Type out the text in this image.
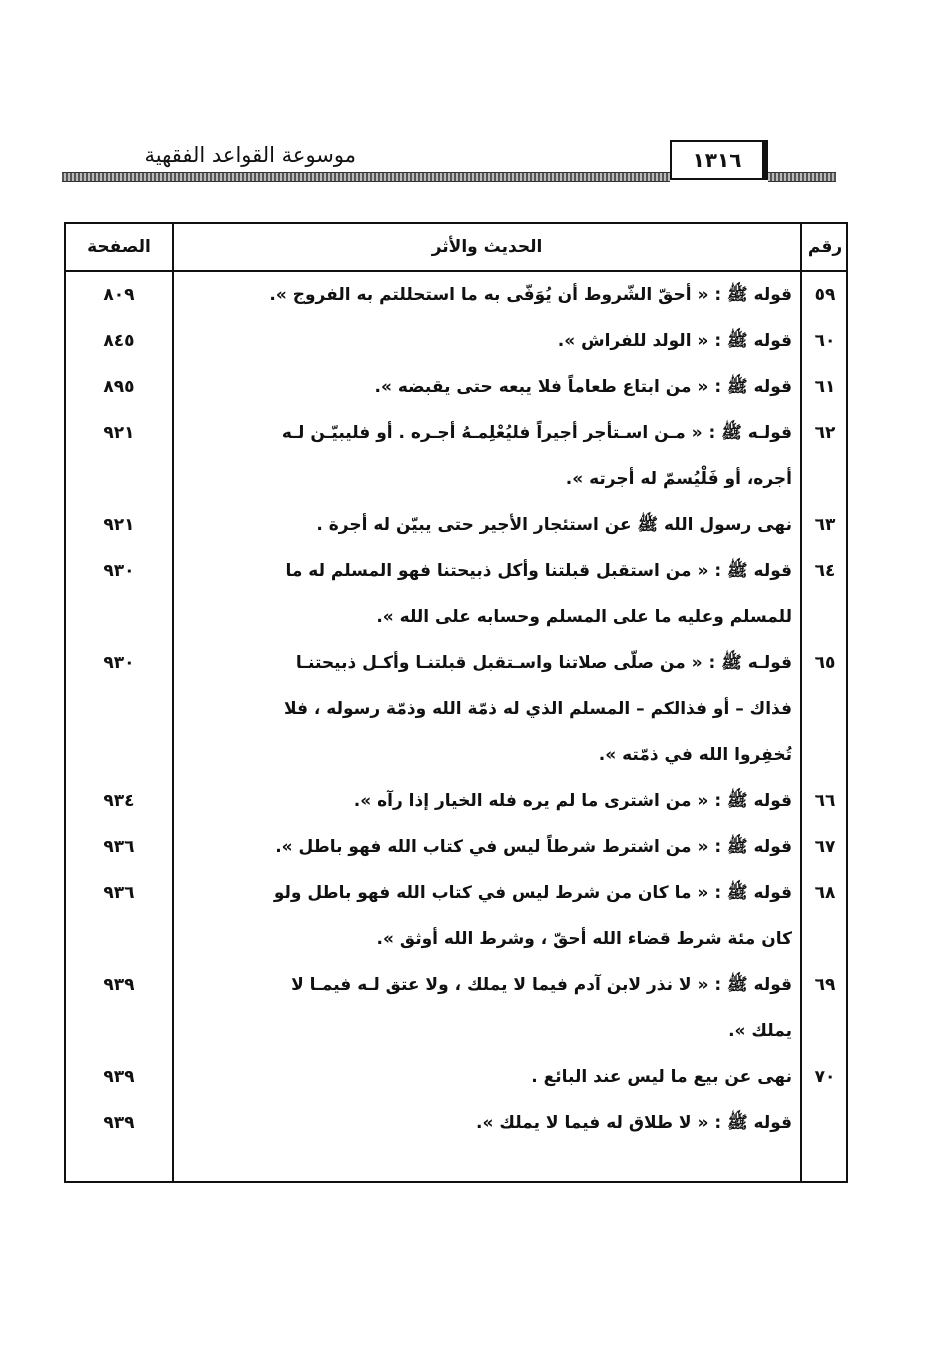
١٣١٦
موسوعة القواعد الفقهية
رقم
الحديث والأثر
الصفحة
٥٩
قوله ﷺ : « أحقّ الشّروط أن يُوَفّى به ما استحللتم به الفروج ».
٨٠٩
٦٠
قوله ﷺ : « الولد للفراش ».
٨٤٥
٦١
قوله ﷺ : « من ابتاع طعاماً فلا يبعه حتى يقبضه ».
٨٩٥
٦٢
قولـه ﷺ : « مـن اسـتأجر أجيراً فليُعْلِمـهُ أجـره . أو فليبيّـن لـه
أجره، أو فَلْيُسمّ له أجرته ».
٩٢١
٦٣
نهى رسول الله ﷺ عن استئجار الأجير حتى يبيّن له أجرة .
٩٢١
٦٤
قوله ﷺ : « من استقبل قبلتنا وأكل ذبيحتنا فهو المسلم له ما
للمسلم وعليه ما على المسلم وحسابه على الله ».
٩٣٠
٦٥
قولـه ﷺ : « من صلّى صلاتنا واسـتقبل قبلتنـا وأكـل ذبيحتنـا
فذاك – أو فذالكم – المسلم الذي له ذمّة الله وذمّة رسوله ، فلا
تُخفِروا الله في ذمّته ».
٩٣٠
٦٦
قوله ﷺ : « من اشترى ما لم يره فله الخيار إذا رآه ».
٩٣٤
٦٧
قوله ﷺ : « من اشترط شرطاً ليس في كتاب الله فهو باطل ».
٩٣٦
٦٨
قوله ﷺ : « ما كان من شرط ليس في كتاب الله فهو باطل ولو
كان مئة شرط قضاء الله أحقّ ، وشرط الله أوثق ».
٩٣٦
٦٩
قوله ﷺ : « لا نذر لابن آدم فيما لا يملك ، ولا عتق لـه فيمـا لا
يملك ».
٩٣٩
٧٠
نهى عن بيع ما ليس عند البائع .
٩٣٩
قوله ﷺ : « لا طلاق له فيما لا يملك ».
٩٣٩
